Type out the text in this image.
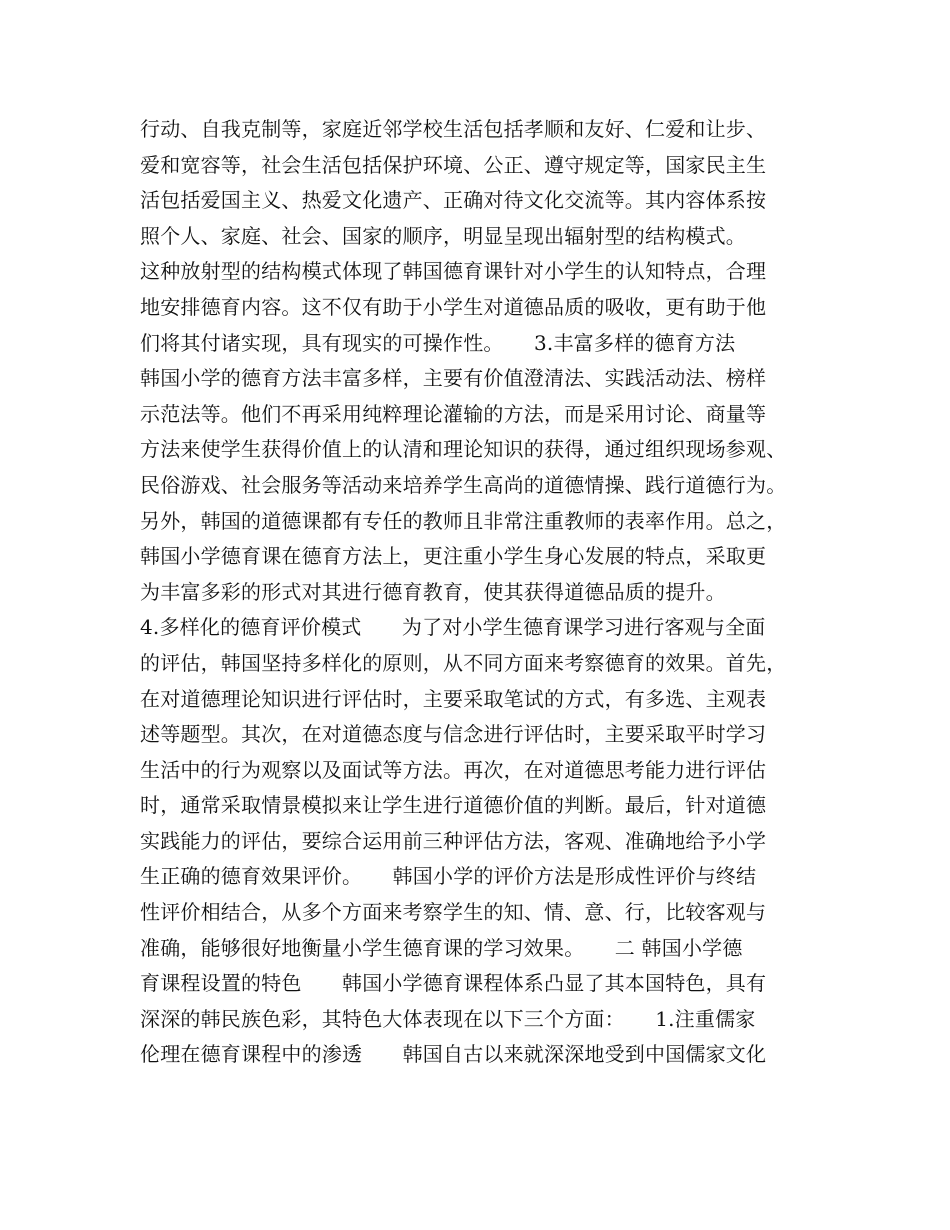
行动、自我克制等，家庭近邻学校生活包括孝顺和友好、仁爱和让步、
爱和宽容等，社会生活包括保护环境、公正、遵守规定等，国家民主生
活包括爱国主义、热爱文化遗产、正确对待文化交流等。其内容体系按
照个人、家庭、社会、国家的顺序，明显呈现出辐射型的结构模式。
这种放射型的结构模式体现了韩国德育课针对小学生的认知特点，合理
地安排德育内容。这不仅有助于小学生对道德品质的吸收，更有助于他
们将其付诸实现，具有现实的可操作性。　　3.丰富多样的德育方法
韩国小学的德育方法丰富多样，主要有价值澄清法、实践活动法、榜样
示范法等。他们不再采用纯粹理论灌输的方法，而是采用讨论、商量等
方法来使学生获得价值上的认清和理论知识的获得，通过组织现场参观、
民俗游戏、社会服务等活动来培养学生高尚的道德情操、践行道德行为。
另外，韩国的道德课都有专任的教师且非常注重教师的表率作用。总之，
韩国小学德育课在德育方法上，更注重小学生身心发展的特点，采取更
为丰富多彩的形式对其进行德育教育，使其获得道德品质的提升。
4.多样化的德育评价模式　　为了对小学生德育课学习进行客观与全面
的评估，韩国坚持多样化的原则，从不同方面来考察德育的效果。首先，
在对道德理论知识进行评估时，主要采取笔试的方式，有多选、主观表
述等题型。其次，在对道德态度与信念进行评估时，主要采取平时学习
生活中的行为观察以及面试等方法。再次，在对道德思考能力进行评估
时，通常采取情景模拟来让学生进行道德价值的判断。最后，针对道德
实践能力的评估，要综合运用前三种评估方法，客观、准确地给予小学
生正确的德育效果评价。　　韩国小学的评价方法是形成性评价与终结
性评价相结合，从多个方面来考察学生的知、情、意、行，比较客观与
准确，能够很好地衡量小学生德育课的学习效果。　　二 韩国小学德
育课程设置的特色　　韩国小学德育课程体系凸显了其本国特色，具有
深深的韩民族色彩，其特色大体表现在以下三个方面：　　1.注重儒家
伦理在德育课程中的渗透　　韩国自古以来就深深地受到中国儒家文化
